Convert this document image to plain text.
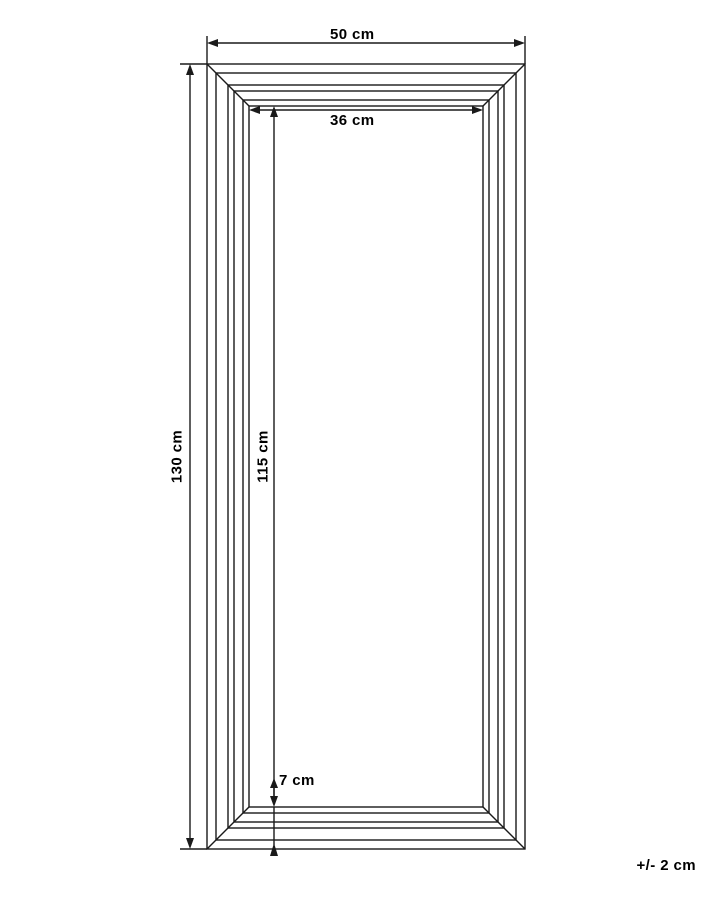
50 cm
36 cm
130 cm	115 cm
7 cm
+/- 2 cm
